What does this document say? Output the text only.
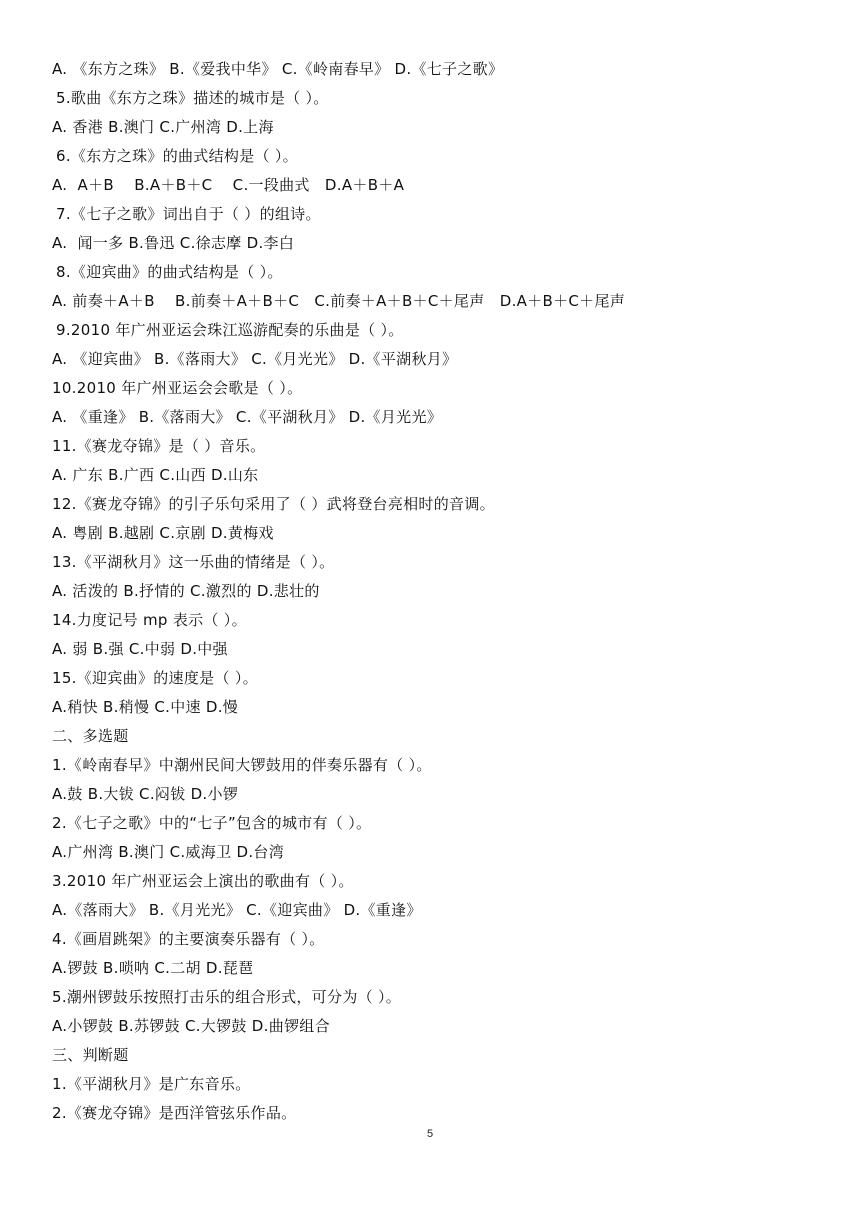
A. 《东方之珠》 B.《爱我中华》 C.《岭南春早》 D.《七子之歌》
5.歌曲《东方之珠》描述的城市是（ ）。
A. 香港 B.澳门 C.广州湾 D.上海
6.《东方之珠》的曲式结构是（ ）。
A.  A＋B    B.A＋B＋C    C.一段曲式   D.A＋B＋A
7.《七子之歌》词出自于（ ）的组诗。
A.  闻一多 B.鲁迅 C.徐志摩 D.李白
8.《迎宾曲》的曲式结构是（ ）。
A. 前奏＋A＋B    B.前奏＋A＋B＋C   C.前奏＋A＋B＋C＋尾声   D.A＋B＋C＋尾声
9.2010 年广州亚运会珠江巡游配奏的乐曲是（ ）。
A. 《迎宾曲》 B.《落雨大》 C.《月光光》 D.《平湖秋月》
10.2010 年广州亚运会会歌是（ ）。
A. 《重逢》 B.《落雨大》 C.《平湖秋月》 D.《月光光》
11.《赛龙夺锦》是（ ）音乐。
A. 广东 B.广西 C.山西 D.山东
12.《赛龙夺锦》的引子乐句采用了（ ）武将登台亮相时的音调。
A. 粤剧 B.越剧 C.京剧 D.黄梅戏
13.《平湖秋月》这一乐曲的情绪是（ ）。
A. 活泼的 B.抒情的 C.激烈的 D.悲壮的
14.力度记号 mp 表示（ ）。
A. 弱 B.强 C.中弱 D.中强
15.《迎宾曲》的速度是（ ）。
A.稍快 B.稍慢 C.中速 D.慢
二、多选题
1.《岭南春早》中潮州民间大锣鼓用的伴奏乐器有（ ）。
A.鼓 B.大钹 C.闷钹 D.小锣
2.《七子之歌》中的“七子”包含的城市有（ ）。
A.广州湾 B.澳门 C.威海卫 D.台湾
3.2010 年广州亚运会上演出的歌曲有（ ）。
A.《落雨大》 B.《月光光》 C.《迎宾曲》 D.《重逢》
4.《画眉跳架》的主要演奏乐器有（ ）。
A.锣鼓 B.唢呐 C.二胡 D.琵琶
5.潮州锣鼓乐按照打击乐的组合形式，可分为（ ）。
A.小锣鼓 B.苏锣鼓 C.大锣鼓 D.曲锣组合
三、判断题
1.《平湖秋月》是广东音乐。
2.《赛龙夺锦》是西洋管弦乐作品。
5
